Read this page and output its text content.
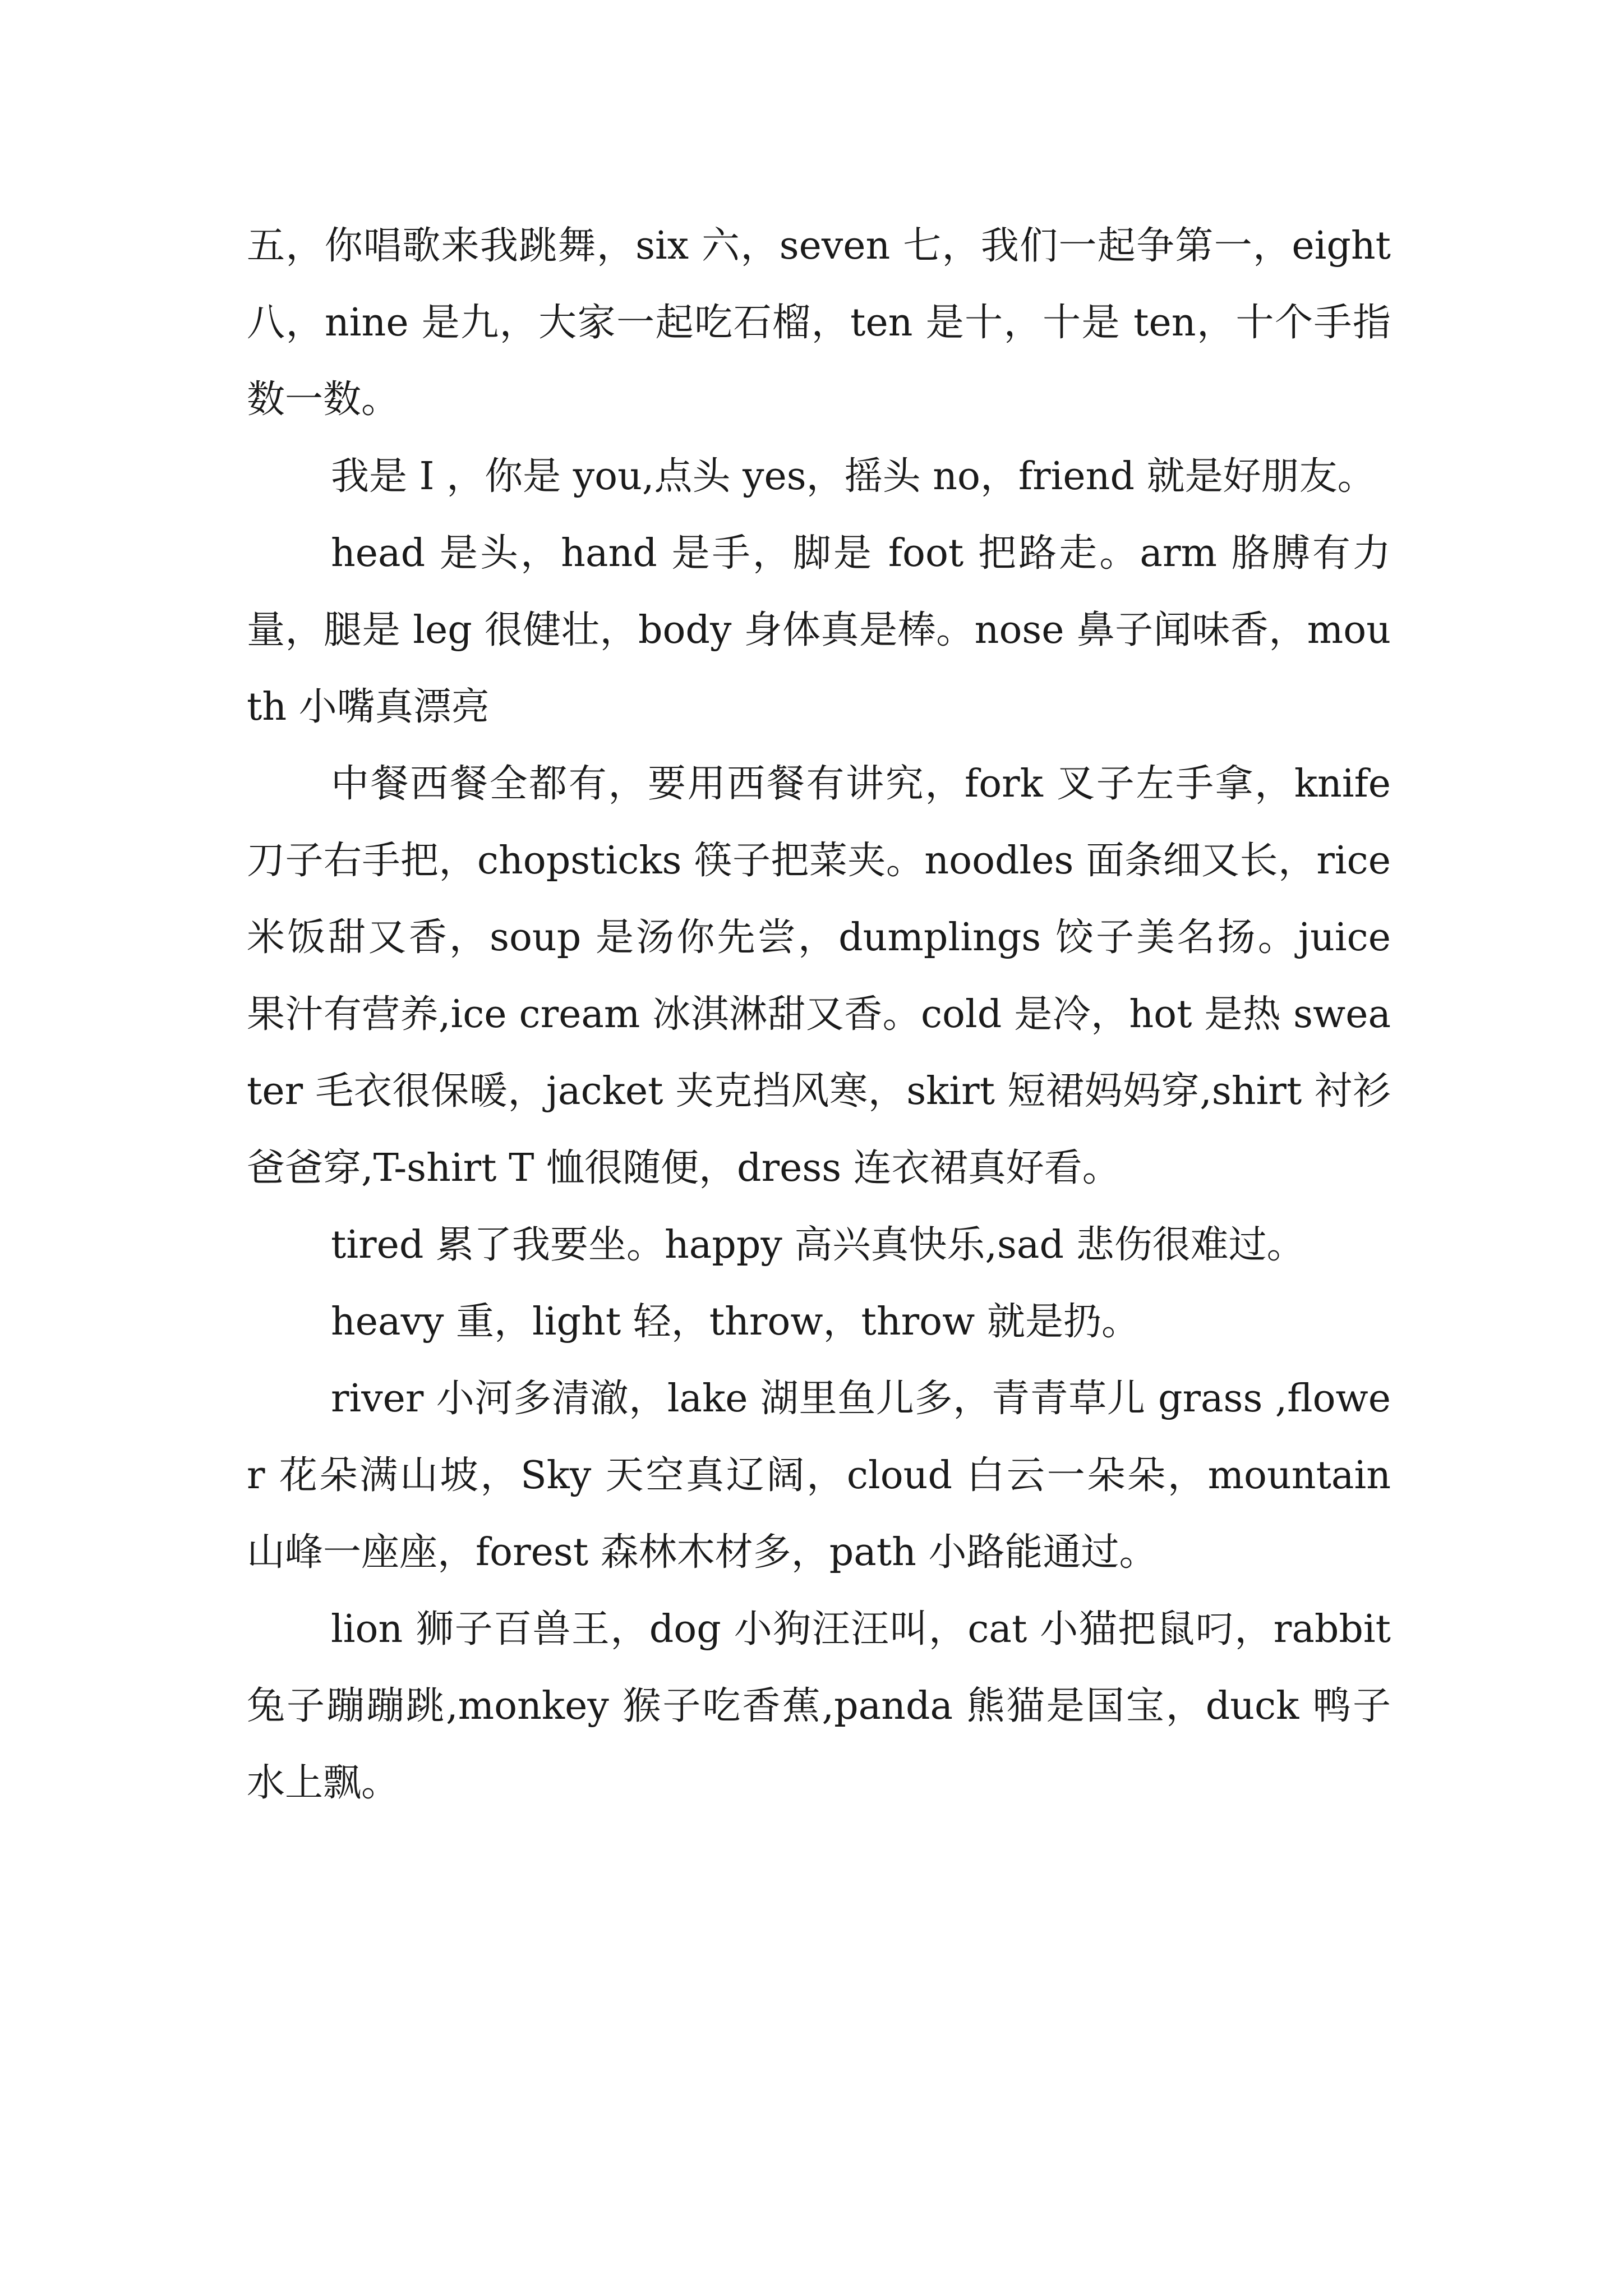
五，你唱歌来我跳舞，six 六，seven 七，我们一起争第一，eight 八，nine 是九，大家一起吃石榴，ten 是十，十是 ten，十个手指数一数。

我是 I ，你是 you,点头 yes，摇头 no，friend 就是好朋友。

head 是头，hand 是手，脚是 foot 把路走。arm 胳膊有力量，腿是 leg 很健壮，body 身体真是棒。nose 鼻子闻味香，mouth 小嘴真漂亮

中餐西餐全都有，要用西餐有讲究，fork 叉子左手拿，knife 刀子右手把，chopsticks 筷子把菜夹。noodles 面条细又长，rice 米饭甜又香，soup 是汤你先尝，dumplings 饺子美名扬。juice 果汁有营养,ice cream 冰淇淋甜又香。cold 是冷，hot 是热 sweater 毛衣很保暖，jacket 夹克挡风寒，skirt 短裙妈妈穿,shirt 衬衫爸爸穿,T-shirt T 恤很随便，dress 连衣裙真好看。

tired 累了我要坐。happy 高兴真快乐,sad 悲伤很难过。

heavy 重，light 轻，throw，throw 就是扔。

river 小河多清澈，lake 湖里鱼儿多，青青草儿 grass ,flower 花朵满山坡，Sky 天空真辽阔，cloud 白云一朵朵，mountain 山峰一座座，forest 森林木材多，path 小路能通过。

lion 狮子百兽王，dog 小狗汪汪叫，cat 小猫把鼠叼，rabbit 兔子蹦蹦跳,monkey 猴子吃香蕉,panda 熊猫是国宝，duck 鸭子水上飘。
